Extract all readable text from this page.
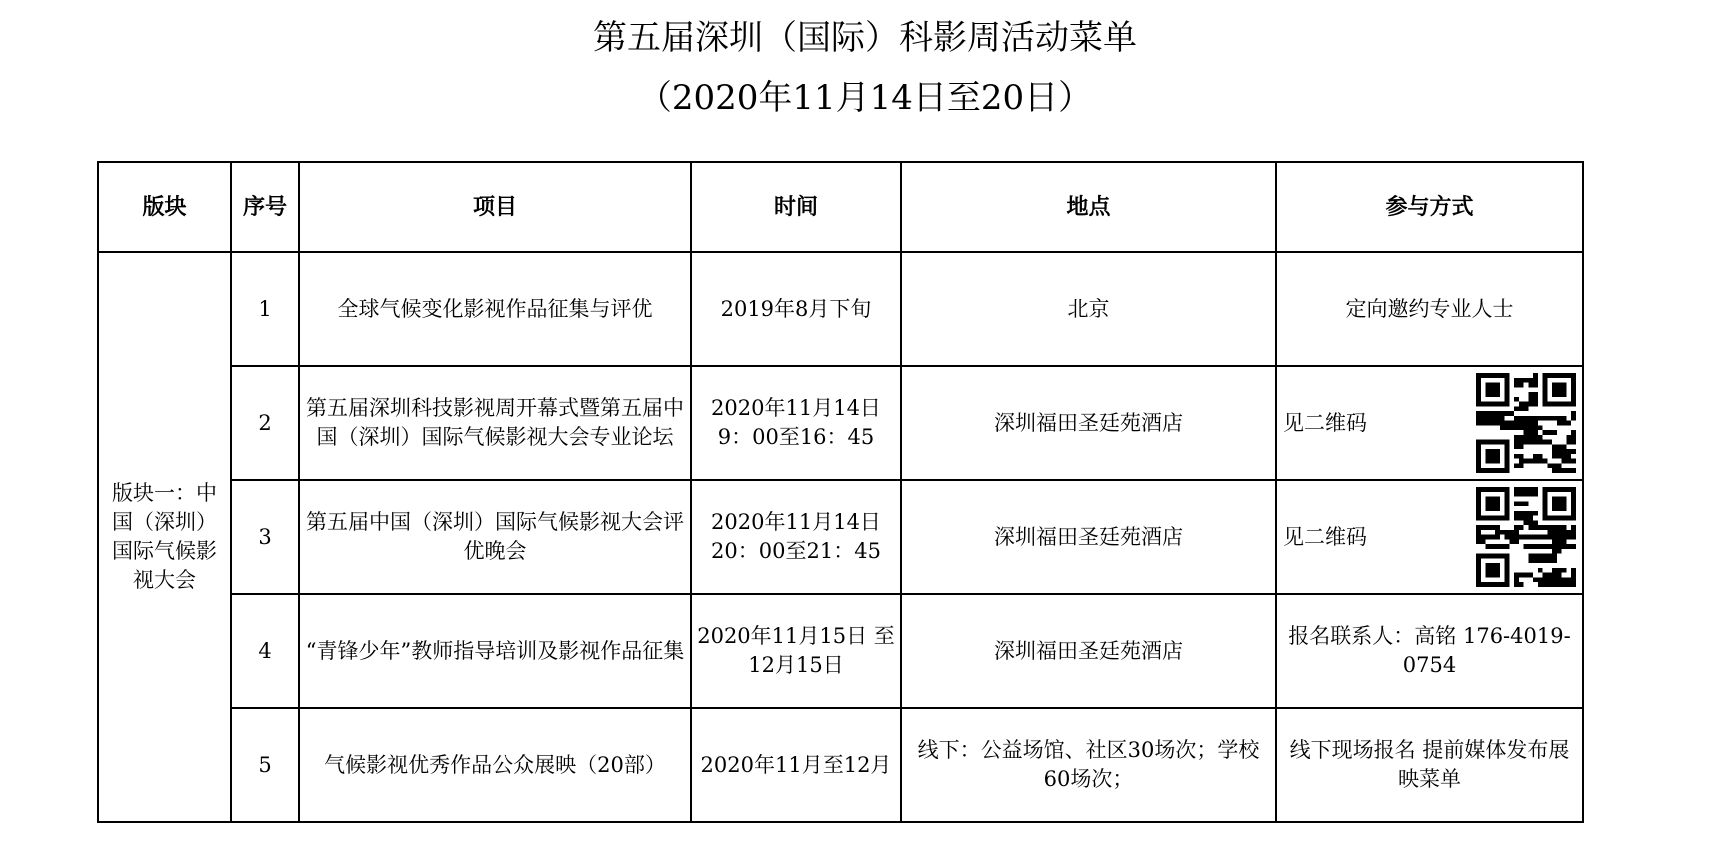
第五届深圳（国际）科影周活动菜单
（2020年11月14日至20日）
版块	序号	项目	时间	地点	参与方式
版块一：中国（深圳）国际气候影视大会	1	全球气候变化影视作品征集与评优	2019年8月下旬	北京	定向邀约专业人士
	2	第五届深圳科技影视周开幕式暨第五届中国（深圳）国际气候影视大会专业论坛	2020年11月14日 9：00至16：45	深圳福田圣廷苑酒店	见二维码

	3	第五届中国（深圳）国际气候影视大会评优晚会	2020年11月14日 20：00至21：45	深圳福田圣廷苑酒店	见二维码

	4	“青锋少年”教师指导培训及影视作品征集	2020年11月15日 至12月15日	深圳福田圣廷苑酒店	报名联系人：高铭 176-4019-0754
	5	气候影视优秀作品公众展映（20部）	2020年11月至12月	线下：公益场馆、社区30场次；学校60场次；	线下现场报名 提前媒体发布展映菜单
